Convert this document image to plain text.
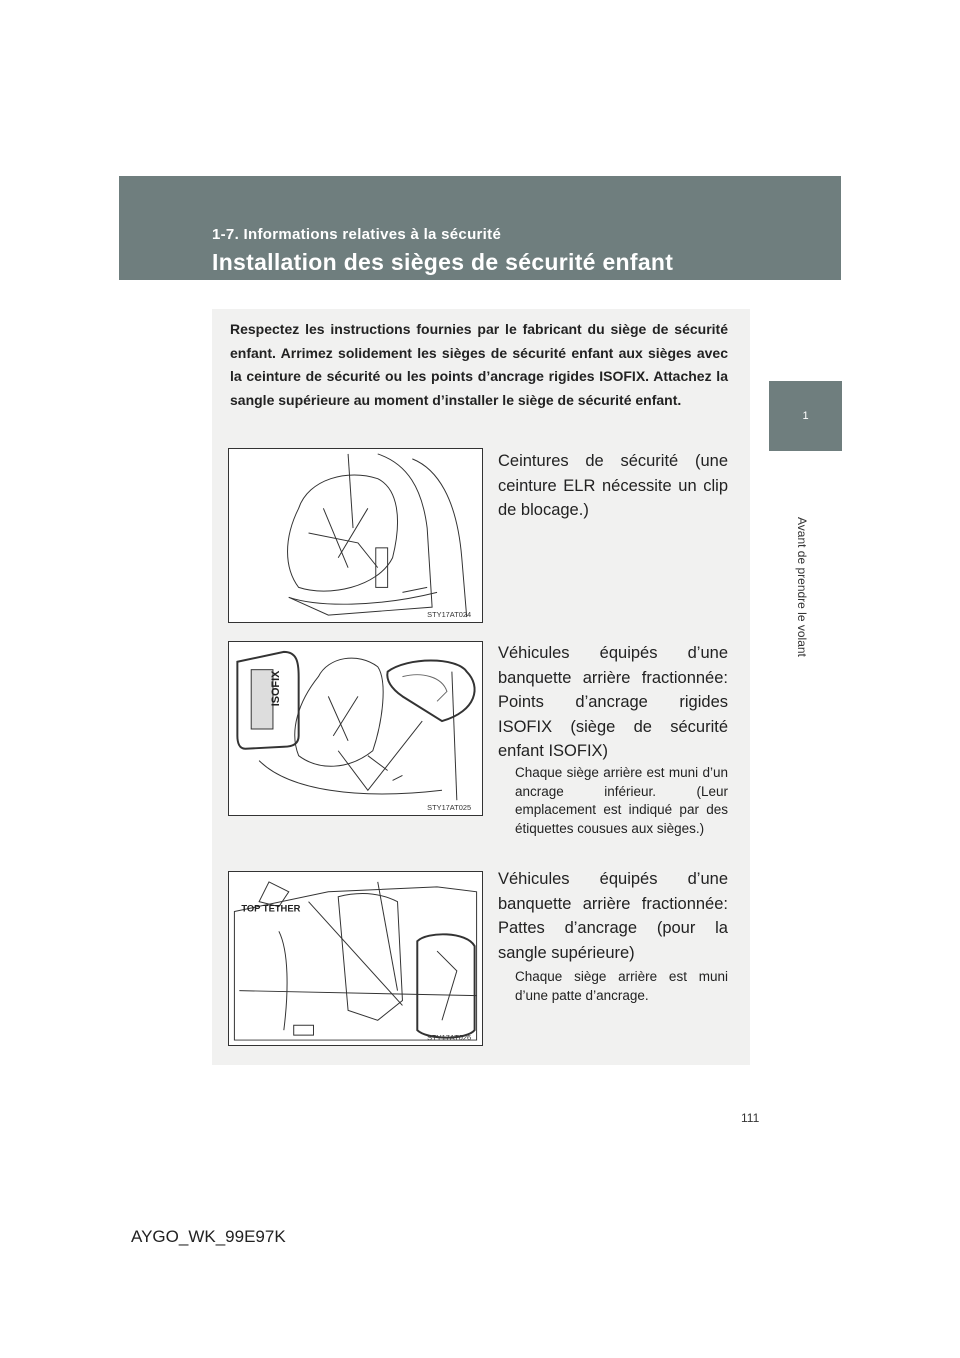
1-7. Informations relatives à la sécurité
Installation des sièges de sécurité enfant
1
Avant de prendre le volant
Respectez les instructions fournies par le fabricant du siège de sécurité enfant. Arrimez solidement les sièges de sécurité enfant aux sièges avec la ceinture de sécurité ou les points d’ancrage rigides ISOFIX. Attachez la sangle supérieure au moment d’installer le siège de sécurité enfant.
STY17AT024
Ceintures de sécurité (une ceinture ELR nécessite un clip de blocage.)
ISOFIX
STY17AT025
Véhicules équipés d’une banquette arrière fractionnée: Points d’ancrage rigides ISOFIX (siège de sécurité enfant ISOFIX)
Chaque siège arrière est muni d’un ancrage inférieur. (Leur emplacement est indiqué par des étiquettes cousues aux sièges.)
TOP TETHER
STY17AT026
Véhicules équipés d’une banquette arrière fractionnée: Pattes d’ancrage (pour la sangle supérieure)
Chaque siège arrière est muni d’une patte d’ancrage.
111
AYGO_WK_99E97K
